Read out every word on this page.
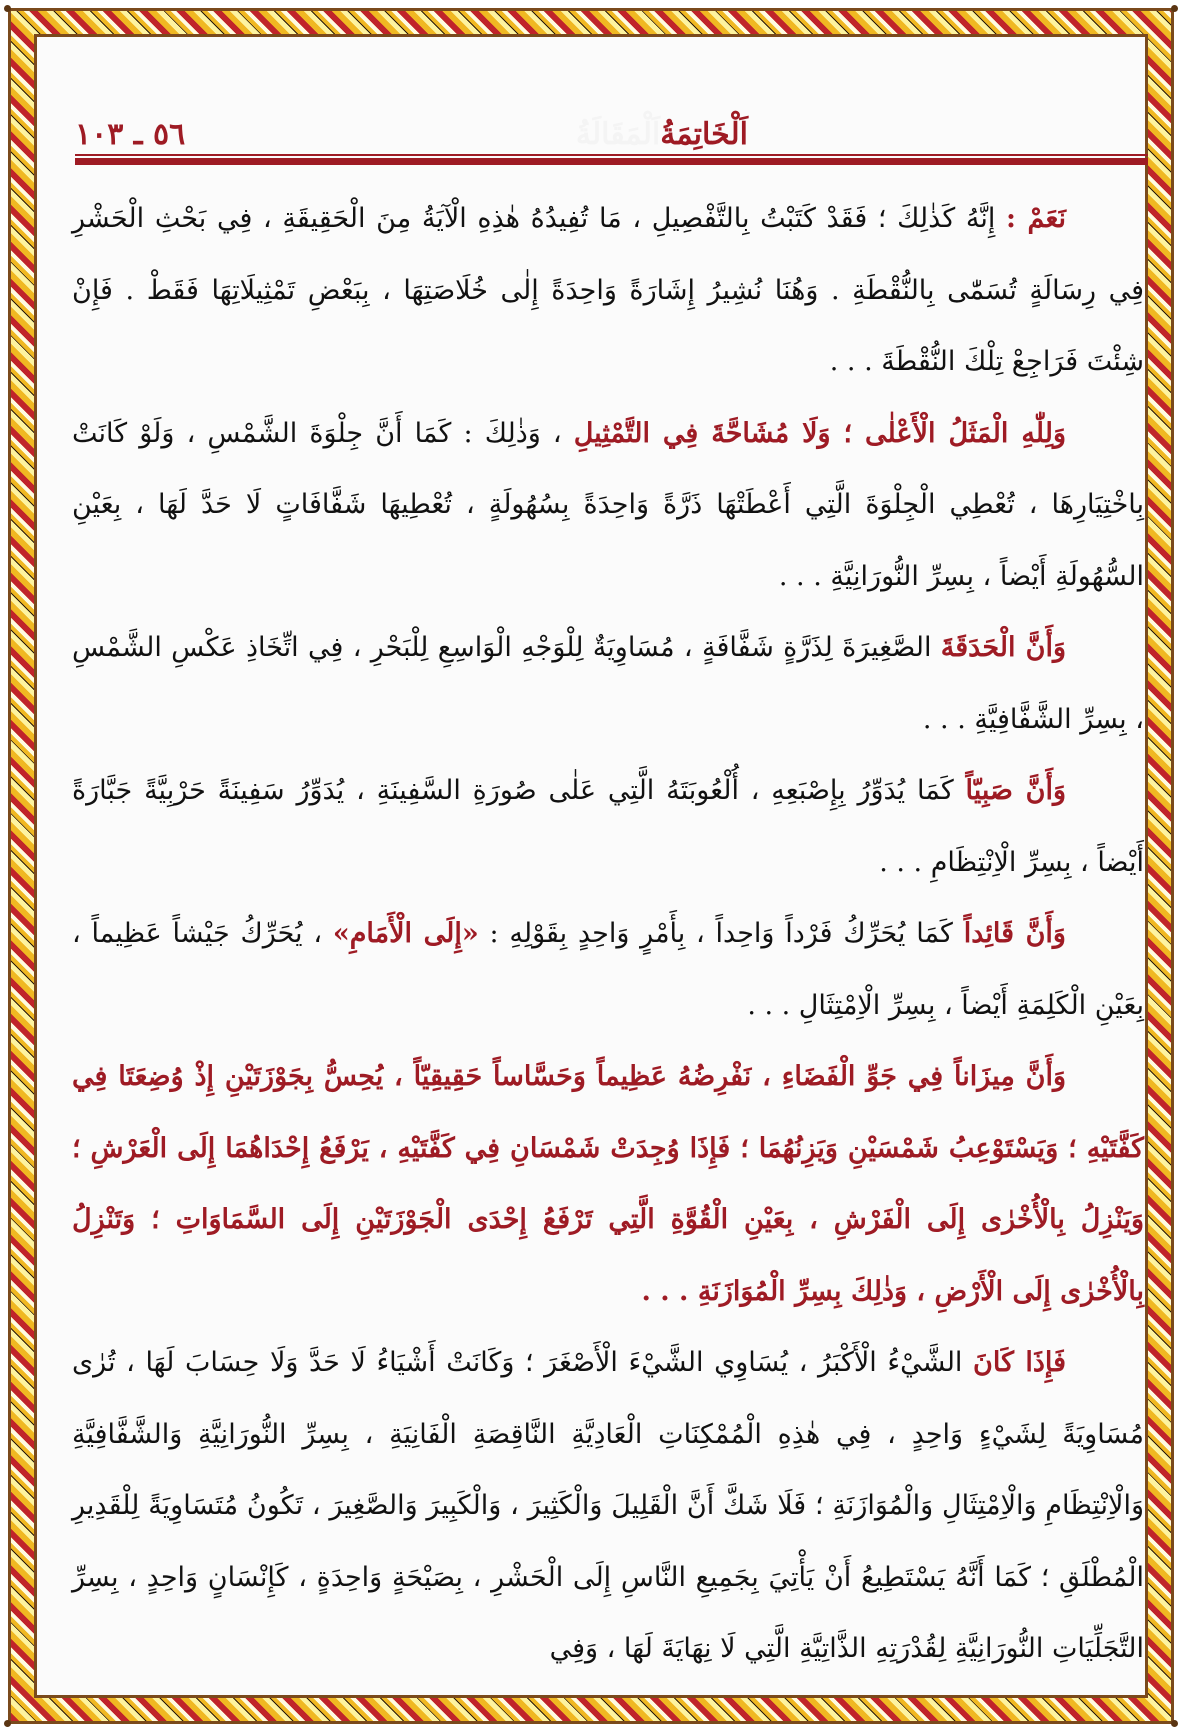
اَلْخَاتِمَةُاَلْمَقَالَةُ
٥٦ ـ ١٠٣

نَعَمْ : إِنَّهُ كَذٰلِكَ ؛ فَقَدْ كَتَبْتُ بِالتَّفْصِيلِ ، مَا تُفِيدُهُ هٰذِهِ الْآيَةُ مِنَ الْحَقِيقَةِ ، فِي بَحْثِ الْحَشْرِ فِي رِسَالَةٍ تُسَمّٰى بِالنُّقْطَةِ . وَهُنَا نُشِيرُ إِشَارَةً وَاحِدَةً إِلٰى خُلَاصَتِهَا ، بِبَعْضِ تَمْثِيلَاتِهَا فَقَطْ . فَإِنْ شِئْتَ فَرَاجِعْ تِلْكَ النُّقْطَةَ . . .

وَلِلّٰهِ الْمَثَلُ الْأَعْلٰى ؛ وَلَا مُشَاحَّةَ فِي التَّمْثِيلِ ، وَذٰلِكَ : كَمَا أَنَّ جِلْوَةَ الشَّمْسِ ، وَلَوْ كَانَتْ بِاخْتِيَارِهَا ، تُعْطِي الْجِلْوَةَ الَّتِي أَعْطَتْهَا ذَرَّةً وَاحِدَةً بِسُهُولَةٍ ، تُعْطِيهَا شَفَّافَاتٍ لَا حَدَّ لَهَا ، بِعَيْنِ السُّهُولَةِ أَيْضاً ، بِسِرِّ النُّورَانِيَّةِ . . .

وَأَنَّ الْحَدَقَةَ الصَّغِيرَةَ لِذَرَّةٍ شَفَّافَةٍ ، مُسَاوِيَةٌ لِلْوَجْهِ الْوَاسِعِ لِلْبَحْرِ ، فِي اتِّخَاذِ عَكْسِ الشَّمْسِ ، بِسِرِّ الشَّفَّافِيَّةِ . . .

وَأَنَّ صَبِيّاً كَمَا يُدَوِّرُ بِإِصْبَعِهِ ، أُلْعُوبَتَهُ الَّتِي عَلٰى صُورَةِ السَّفِينَةِ ، يُدَوِّرُ سَفِينَةً حَرْبِيَّةً جَبَّارَةً أَيْضاً ، بِسِرِّ الْاِنْتِظَامِ . . .

وَأَنَّ قَائِداً كَمَا يُحَرِّكُ فَرْداً وَاحِداً ، بِأَمْرٍ وَاحِدٍ بِقَوْلِهِ : «إِلَى الْأَمَامِ» ، يُحَرِّكُ جَيْشاً عَظِيماً ، بِعَيْنِ الْكَلِمَةِ أَيْضاً ، بِسِرِّ الْاِمْتِثَالِ . . .

وَأَنَّ مِيزَاناً فِي جَوِّ الْفَضَاءِ ، نَفْرِضُهُ عَظِيماً وَحَسَّاساً حَقِيقِيّاً ، يُحِسُّ بِجَوْزَتَيْنِ إِذْ وُضِعَتَا فِي كَفَّتَيْهِ ؛ وَيَسْتَوْعِبُ شَمْسَيْنِ وَيَزِنُهُمَا ؛ فَإِذَا وُجِدَتْ شَمْسَانِ فِي كَفَّتَيْهِ ، يَرْفَعُ إِحْدَاهُمَا إِلَى الْعَرْشِ ؛ وَيَنْزِلُ بِالْأُخْرٰى إِلَى الْفَرْشِ ، بِعَيْنِ الْقُوَّةِ الَّتِي تَرْفَعُ إِحْدَى الْجَوْزَتَيْنِ إِلَى السَّمَاوَاتِ ؛ وَتَنْزِلُ بِالْأُخْرٰى إِلَى الْأَرْضِ ، وَذٰلِكَ بِسِرِّ الْمُوَازَنَةِ . . .

فَإِذَا كَانَ الشَّيْءُ الْأَكْبَرُ ، يُسَاوِي الشَّيْءَ الْأَصْغَرَ ؛ وَكَانَتْ أَشْيَاءُ لَا حَدَّ وَلَا حِسَابَ لَهَا ، تُرٰى مُسَاوِيَةً لِشَيْءٍ وَاحِدٍ ، فِي هٰذِهِ الْمُمْكِنَاتِ الْعَادِيَّةِ النَّاقِصَةِ الْفَانِيَةِ ، بِسِرِّ النُّورَانِيَّةِ وَالشَّفَّافِيَّةِ وَالْاِنْتِظَامِ وَالْاِمْتِثَالِ وَالْمُوَازَنَةِ ؛ فَلَا شَكَّ أَنَّ الْقَلِيلَ وَالْكَثِيرَ ، وَالْكَبِيرَ وَالصَّغِيرَ ، تَكُونُ مُتَسَاوِيَةً لِلْقَدِيرِ الْمُطْلَقِ ؛ كَمَا أَنَّهُ يَسْتَطِيعُ أَنْ يَأْتِيَ بِجَمِيعِ النَّاسِ إِلَى الْحَشْرِ ، بِصَيْحَةٍ وَاحِدَةٍ ، كَإِنْسَانٍ وَاحِدٍ ، بِسِرِّ التَّجَلِّيَاتِ النُّورَانِيَّةِ لِقُدْرَتِهِ الذَّاتِيَّةِ الَّتِي لَا نِهَايَةَ لَهَا ، وَفِي
